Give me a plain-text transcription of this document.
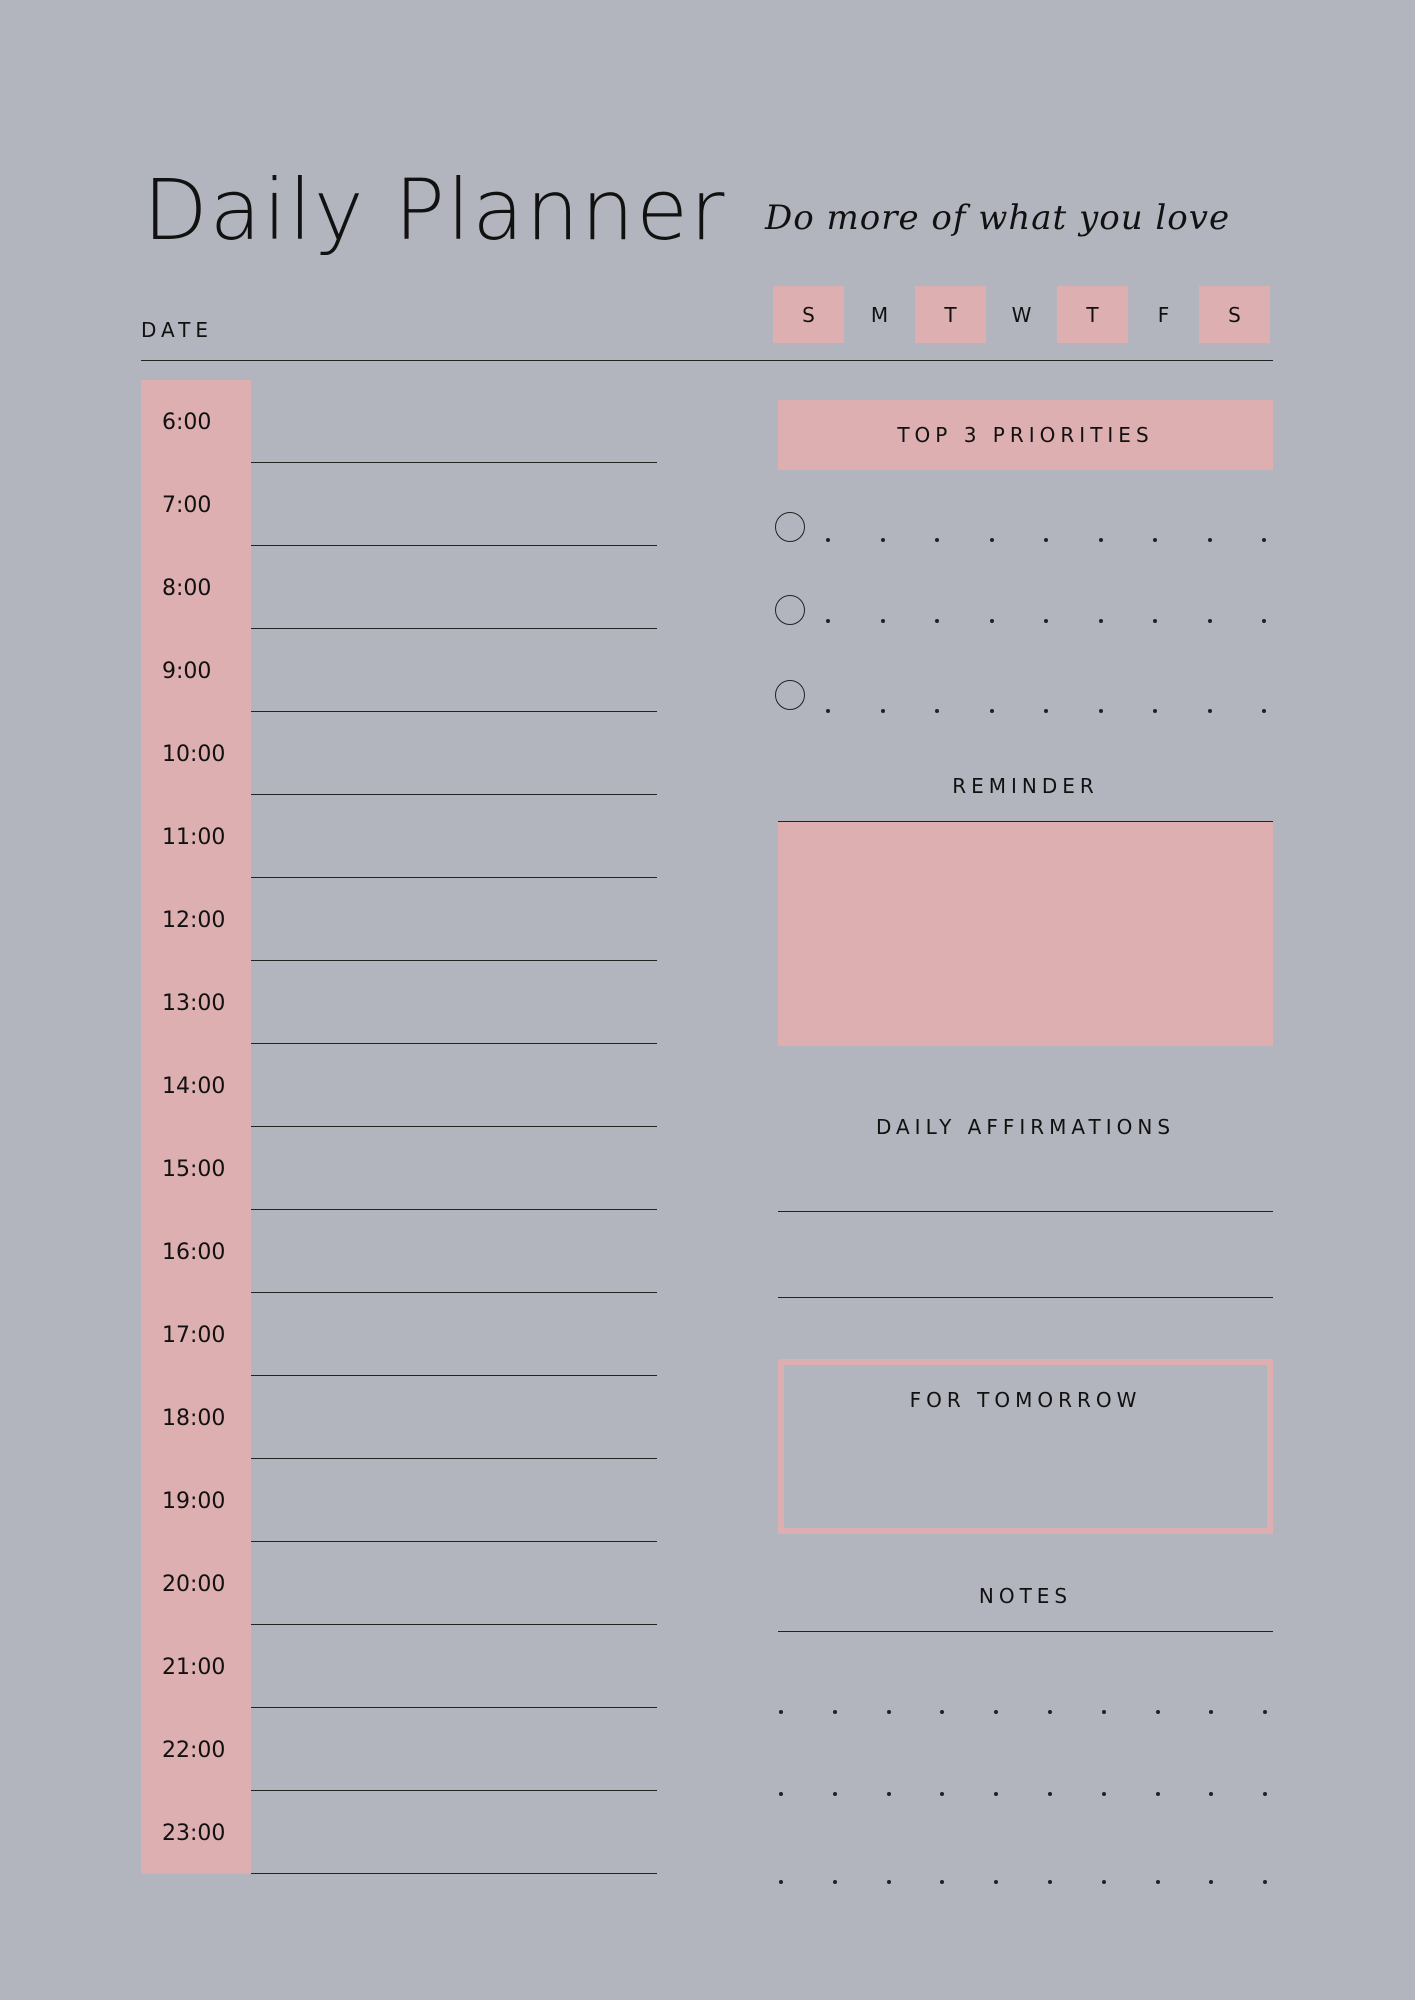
Daily Planner Do more of what you love
DATE
S	M	T	W	T	F	S
6:00
7:00
8:00
9:00
10:00
11:00
12:00
13:00
14:00
15:00
16:00
17:00
18:00
19:00
20:00
21:00
22:00
23:00
TOP 3 PRIORITIES
REMINDER
DAILY AFFIRMATIONS
FOR TOMORROW
NOTES
